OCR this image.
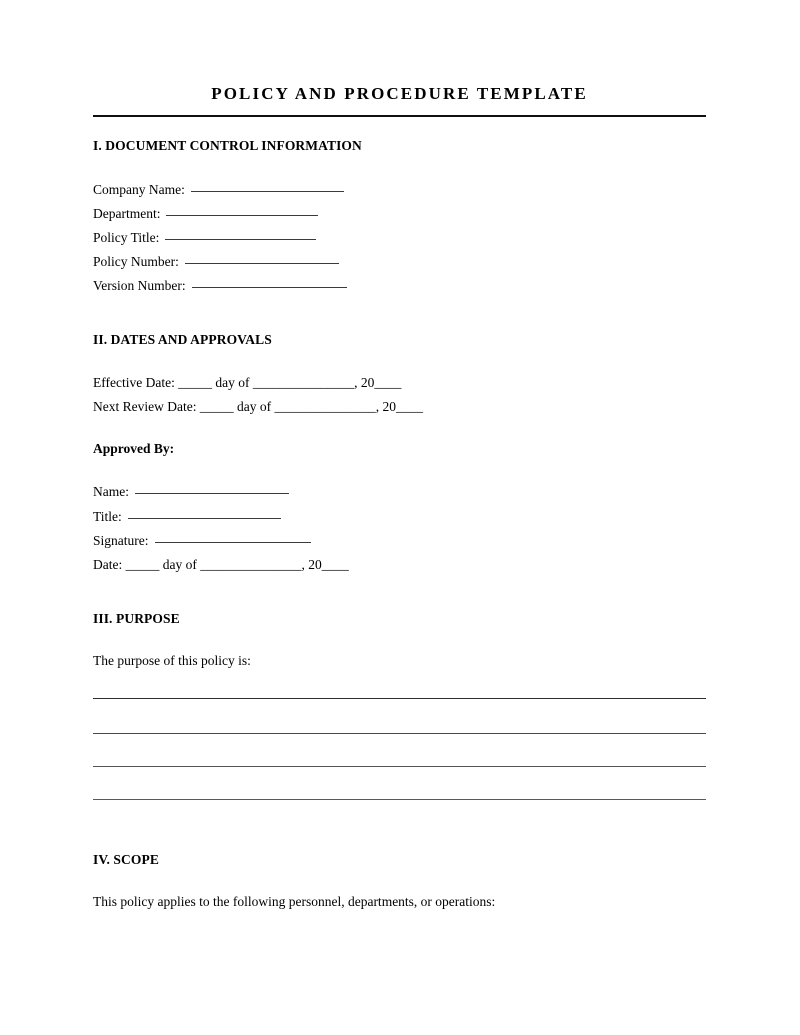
POLICY AND PROCEDURE TEMPLATE
I. DOCUMENT CONTROL INFORMATION
Company Name:
Department:
Policy Title:
Policy Number:
Version Number:
II. DATES AND APPROVALS
Effective Date: _____ day of _______________, 20____
Next Review Date: _____ day of _______________, 20____
Approved By:
Name:
Title:
Signature:
Date: _____ day of _______________, 20____
III. PURPOSE
The purpose of this policy is:
IV. SCOPE
This policy applies to the following personnel, departments, or operations:
